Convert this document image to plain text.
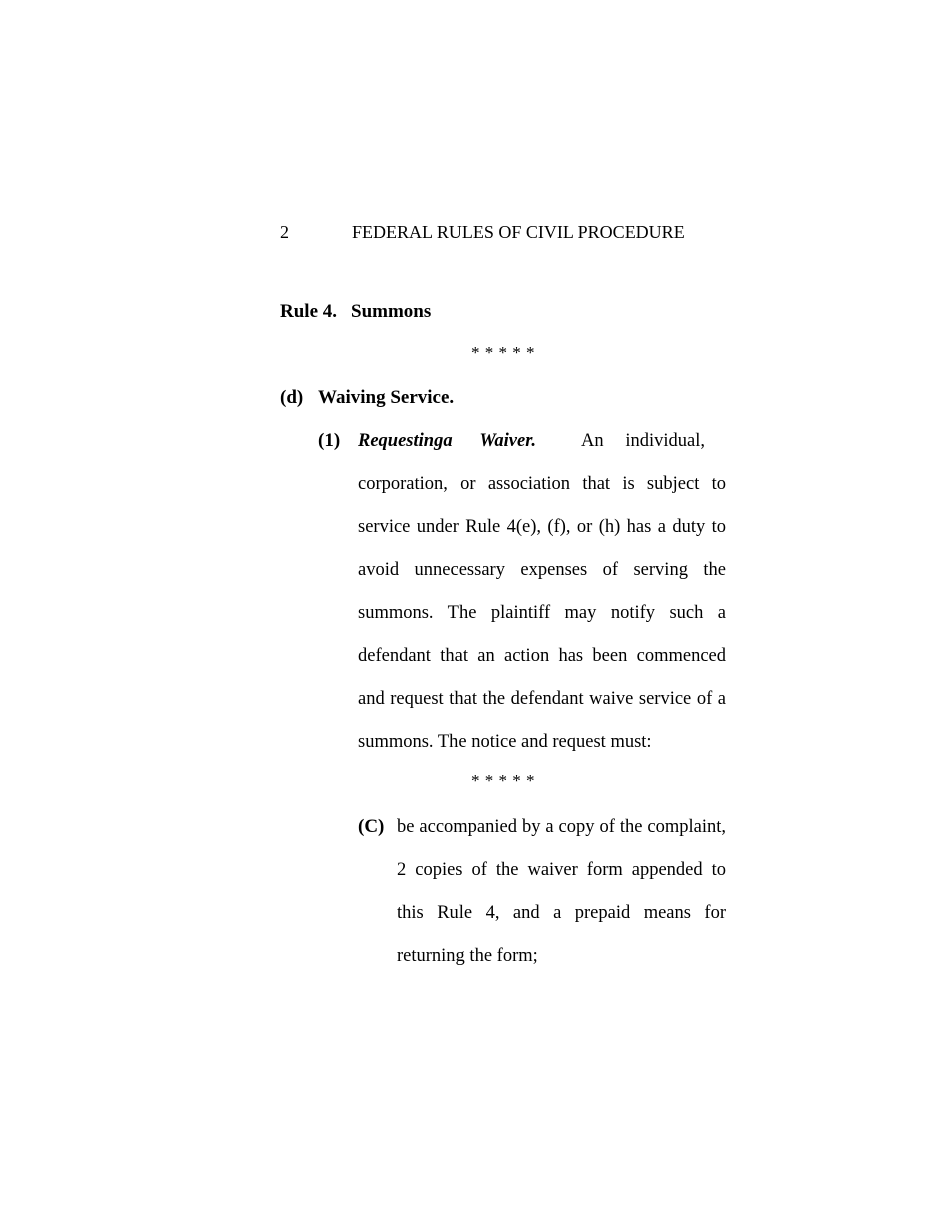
2	FEDERAL RULES OF CIVIL PROCEDURE
Rule 4. Summons
* * * * *
(d) Waiving Service.
(1) Requestinga Waiver. An individual,
corporation, or association that is subject to
service under Rule 4(e), (f), or (h) has a duty to
avoid unnecessary expenses of serving the
summons. The plaintiff may notify such a
defendant that an action has been commenced
and request that the defendant waive service of a
summons. The notice and request must:
* * * * *
(C) be accompanied by a copy of the complaint,
2 copies of the waiver form appended to
this Rule 4, and a prepaid means for
returning the form;
